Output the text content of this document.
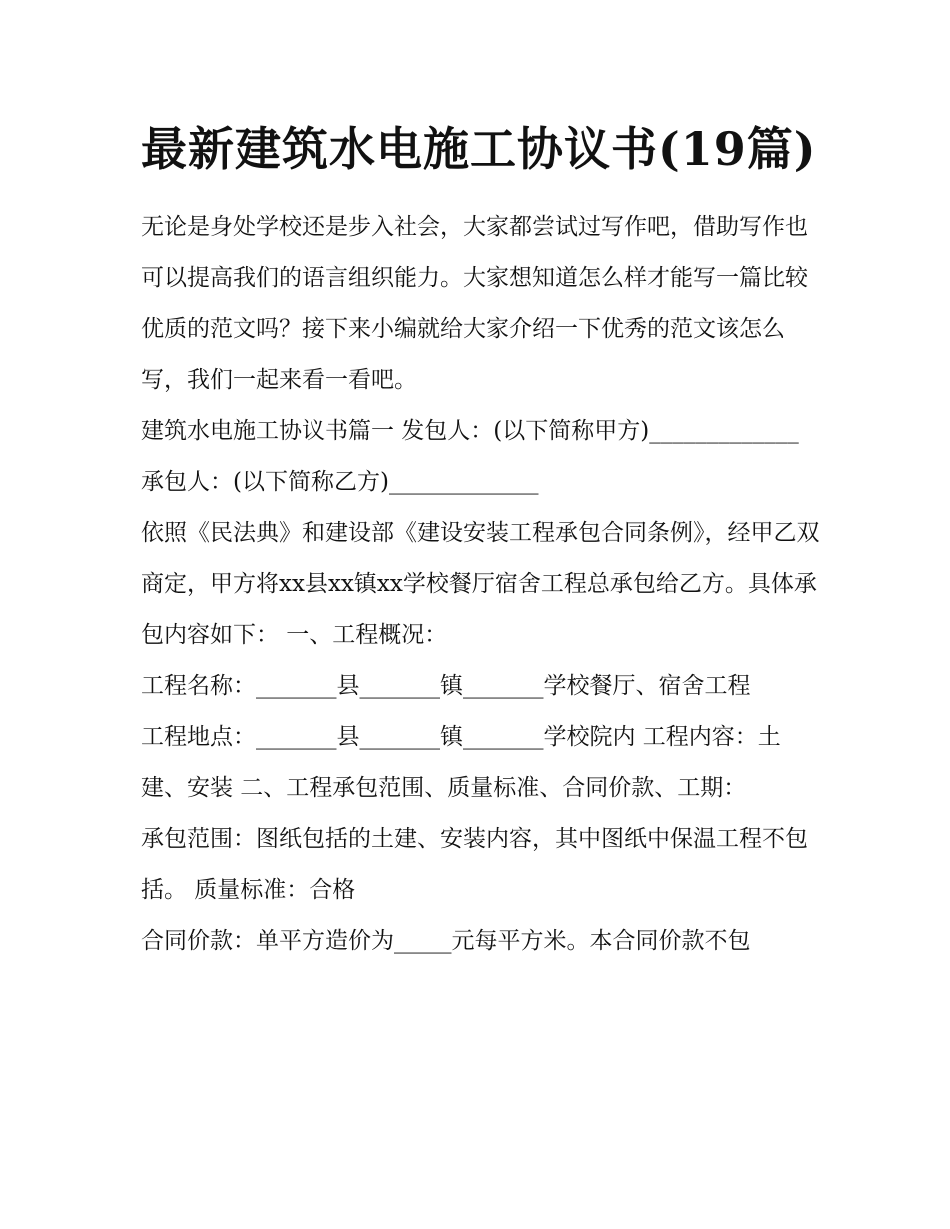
最新建筑水电施工协议书(19篇)

无论是身处学校还是步入社会，大家都尝试过写作吧，借助写作也可以提高我们的语言组织能力。大家想知道怎么样才能写一篇比较优质的范文吗？接下来小编就给大家介绍一下优秀的范文该怎么写，我们一起来看一看吧。

建筑水电施工协议书篇一 发包人：(以下简称甲方)_____________ 承包人：(以下简称乙方)_____________

依照《民法典》和建设部《建设安装工程承包合同条例》，经甲乙双商定，甲方将xx县xx镇xx学校餐厅宿舍工程总承包给乙方。具体承包内容如下： 一、工程概况：

工程名称：_______县_______镇_______学校餐厅、宿舍工程

工程地点：_______县_______镇_______学校院内 工程内容：土建、安装 二、工程承包范围、质量标准、合同价款、工期：

承包范围：图纸包括的土建、安装内容，其中图纸中保温工程不包括。 质量标准：合格

合同价款：单平方造价为_____元每平方米。本合同价款不包
